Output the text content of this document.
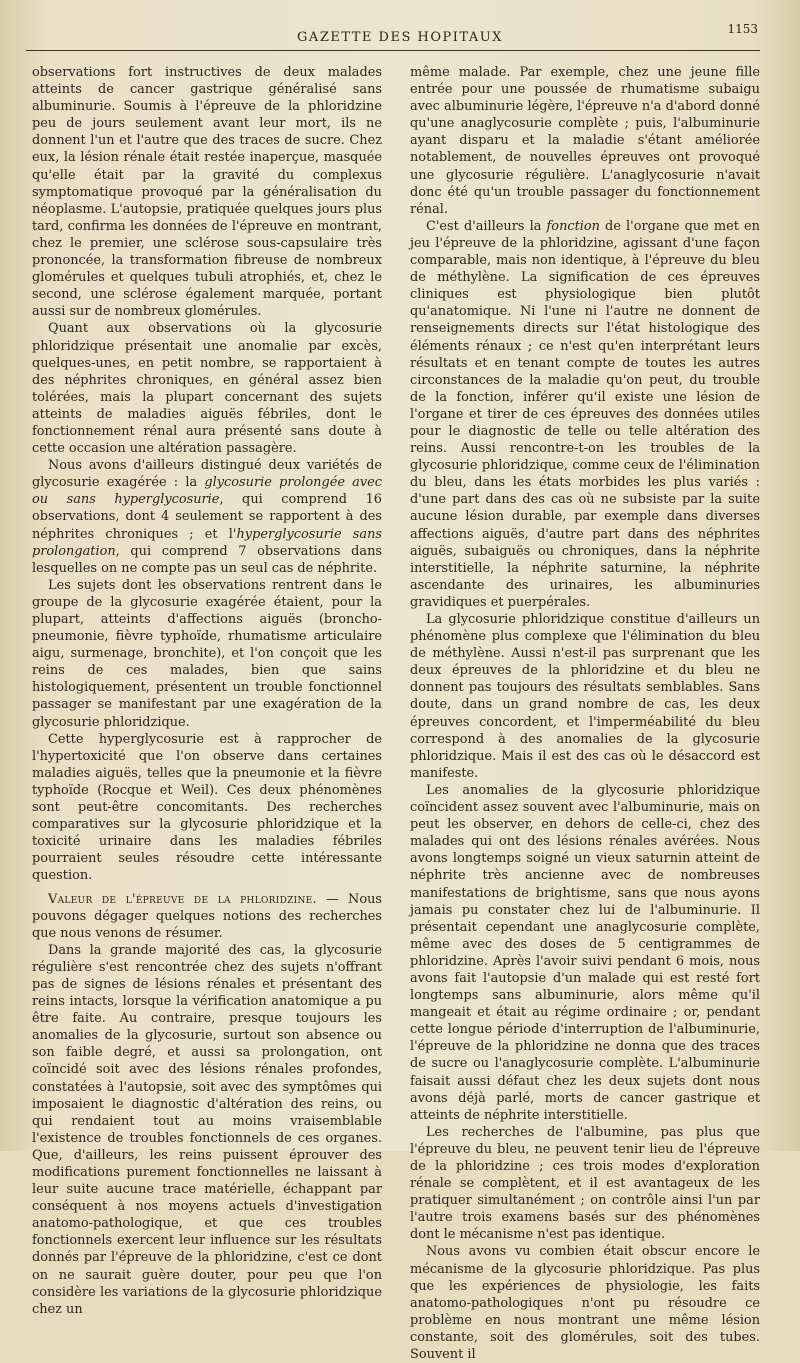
GAZETTE DES HOPITAUX
1153

observations fort instructives de deux malades atteints de cancer gastrique généralisé sans albuminurie. Soumis à l'épreuve de la phloridzine peu de jours seulement avant leur mort, ils ne donnent l'un et l'autre que des traces de sucre. Chez eux, la lésion rénale était restée inaperçue, masquée qu'elle était par la gravité du complexus symptomatique provoqué par la généralisation du néoplasme. L'autopsie, pratiquée quelques jours plus tard, confirma les données de l'épreuve en montrant, chez le premier, une sclérose sous-capsulaire très prononcée, la transformation fibreuse de nombreux glomérules et quelques tubuli atrophiés, et, chez le second, une sclérose également marquée, portant aussi sur de nombreux glomérules.

Quant aux observations où la glycosurie phloridzique présentait une anomalie par excès, quelques-unes, en petit nombre, se rapportaient à des néphrites chroniques, en général assez bien tolérées, mais la plupart concernant des sujets atteints de maladies aiguës fébriles, dont le fonctionnement rénal aura présenté sans doute à cette occasion une altération passagère.

Nous avons d'ailleurs distingué deux variétés de glycosurie exagérée : la glycosurie prolongée avec ou sans hyperglycosurie, qui comprend 16 observations, dont 4 seulement se rapportent à des néphrites chroniques ; et l'hyperglycosurie sans prolongation, qui comprend 7 observations dans lesquelles on ne compte pas un seul cas de néphrite.

Les sujets dont les observations rentrent dans le groupe de la glycosurie exagérée étaient, pour la plupart, atteints d'affections aiguës (broncho-pneumonie, fièvre typhoïde, rhumatisme articulaire aigu, surmenage, bronchite), et l'on conçoit que les reins de ces malades, bien que sains histologiquement, présentent un trouble fonctionnel passager se manifestant par une exagération de la glycosurie phloridzique.

Cette hyperglycosurie est à rapprocher de l'hypertoxicité que l'on observe dans certaines maladies aiguës, telles que la pneumonie et la fièvre typhoïde (Rocque et Weil). Ces deux phénomènes sont peut-être concomitants. Des recherches comparatives sur la glycosurie phloridzique et la toxicité urinaire dans les maladies fébriles pourraient seules résoudre cette intéressante question.

Valeur de l'épreuve de la phloridzine. — Nous pouvons dégager quelques notions des recherches que nous venons de résumer.

Dans la grande majorité des cas, la glycosurie régulière s'est rencontrée chez des sujets n'offrant pas de signes de lésions rénales et présentant des reins intacts, lorsque la vérification anatomique a pu être faite. Au contraire, presque toujours les anomalies de la glycosurie, surtout son absence ou son faible degré, et aussi sa prolongation, ont coïncidé soit avec des lésions rénales profondes, constatées à l'autopsie, soit avec des symptômes qui imposaient le diagnostic d'altération des reins, ou qui rendaient tout au moins vraisemblable l'existence de troubles fonctionnels de ces organes. Que, d'ailleurs, les reins puissent éprouver des modifications purement fonctionnelles ne laissant à leur suite aucune trace matérielle, échappant par conséquent à nos moyens actuels d'investigation anatomo-pathologique, et que ces troubles fonctionnels exercent leur influence sur les résultats donnés par l'épreuve de la phloridzine, c'est ce dont on ne saurait guère douter, pour peu que l'on considère les variations de la glycosurie phloridzique chez un

même malade. Par exemple, chez une jeune fille entrée pour une poussée de rhumatisme subaigu avec albuminurie légère, l'épreuve n'a d'abord donné qu'une anaglycosurie complète ; puis, l'albuminurie ayant disparu et la maladie s'étant améliorée notablement, de nouvelles épreuves ont provoqué une glycosurie régulière. L'anaglycosurie n'avait donc été qu'un trouble passager du fonctionnement rénal.

C'est d'ailleurs la fonction de l'organe que met en jeu l'épreuve de la phloridzine, agissant d'une façon comparable, mais non identique, à l'épreuve du bleu de méthylène. La signification de ces épreuves cliniques est physiologique bien plutôt qu'anatomique. Ni l'une ni l'autre ne donnent de renseignements directs sur l'état histologique des éléments rénaux ; ce n'est qu'en interprétant leurs résultats et en tenant compte de toutes les autres circonstances de la maladie qu'on peut, du trouble de la fonction, inférer qu'il existe une lésion de l'organe et tirer de ces épreuves des données utiles pour le diagnostic de telle ou telle altération des reins. Aussi rencontre-t-on les troubles de la glycosurie phloridzique, comme ceux de l'élimination du bleu, dans les états morbides les plus variés : d'une part dans des cas où ne subsiste par la suite aucune lésion durable, par exemple dans diverses affections aiguës, d'autre part dans des néphrites aiguës, subaiguës ou chroniques, dans la néphrite interstitielle, la néphrite saturnine, la néphrite ascendante des urinaires, les albuminuries gravidiques et puerpérales.

La glycosurie phloridzique constitue d'ailleurs un phénomène plus complexe que l'élimination du bleu de méthylène. Aussi n'est-il pas surprenant que les deux épreuves de la phloridzine et du bleu ne donnent pas toujours des résultats semblables. Sans doute, dans un grand nombre de cas, les deux épreuves concordent, et l'imperméabilité du bleu correspond à des anomalies de la glycosurie phloridzique. Mais il est des cas où le désaccord est manifeste.

Les anomalies de la glycosurie phloridzique coïncident assez souvent avec l'albuminurie, mais on peut les observer, en dehors de celle-ci, chez des malades qui ont des lésions rénales avérées. Nous avons longtemps soigné un vieux saturnin atteint de néphrite très ancienne avec de nombreuses manifestations de brightisme, sans que nous ayons jamais pu constater chez lui de l'albuminurie. Il présentait cependant une anaglycosurie complète, même avec des doses de 5 centigrammes de phloridzine. Après l'avoir suivi pendant 6 mois, nous avons fait l'autopsie d'un malade qui est resté fort longtemps sans albuminurie, alors même qu'il mangeait et était au régime ordinaire ; or, pendant cette longue période d'interruption de l'albuminurie, l'épreuve de la phloridzine ne donna que des traces de sucre ou l'anaglycosurie complète. L'albuminurie faisait aussi défaut chez les deux sujets dont nous avons déjà parlé, morts de cancer gastrique et atteints de néphrite interstitielle.

Les recherches de l'albumine, pas plus que l'épreuve du bleu, ne peuvent tenir lieu de l'épreuve de la phloridzine ; ces trois modes d'exploration rénale se complètent, et il est avantageux de les pratiquer simultanément ; on contrôle ainsi l'un par l'autre trois examens basés sur des phénomènes dont le mécanisme n'est pas identique.

Nous avons vu combien était obscur encore le mécanisme de la glycosurie phloridzique. Pas plus que les expériences de physiologie, les faits anatomo-pathologiques n'ont pu résoudre ce problème en nous montrant une même lésion constante, soit des glomérules, soit des tubes. Souvent il
